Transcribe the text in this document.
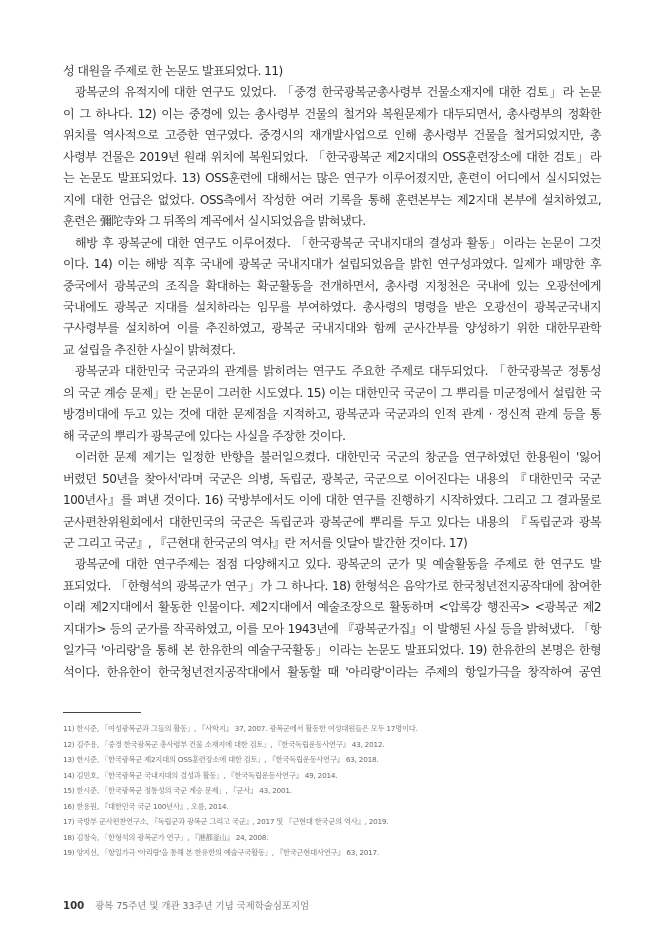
성 대원을 주제로 한 논문도 발표되었다. 11)

광복군의 유적지에 대한 연구도 있었다. 「중경 한국광복군총사령부 건물소재지에 대한 검토」라 논문
이 그 하나다. 12) 이는 중경에 있는 총사령부 건물의 철거와 복원문제가 대두되면서, 총사령부의 정확한
위치를 역사적으로 고증한 연구였다. 중경시의 재개발사업으로 인해 총사령부 건물을 철거되었지만, 총
사령부 건물은 2019년 원래 위치에 복원되었다. 「한국광복군 제2지대의 OSS훈련장소에 대한 검토」라
는 논문도 발표되었다. 13) OSS훈련에 대해서는 많은 연구가 이루어졌지만, 훈련이 어디에서 실시되었는
지에 대한 언급은 없었다. OSS측에서 작성한 여러 기록을 통해 훈련본부는 제2지대 본부에 설치하였고,
훈련은 彌陀寺와 그 뒤쪽의 계곡에서 실시되었음을 밝혀냈다.

해방 후 광복군에 대한 연구도 이루어졌다. 「한국광복군 국내지대의 결성과 활동」이라는 논문이 그것
이다. 14) 이는 해방 직후 국내에 광복군 국내지대가 설립되었음을 밝힌 연구성과였다. 일제가 패망한 후
중국에서 광복군의 조직을 확대하는 확군활동을 전개하면서, 총사령 지청천은 국내에 있는 오광선에게
국내에도 광복군 지대를 설치하라는 임무를 부여하였다. 총사령의 명령을 받은 오광선이 광복군국내지
구사령부를 설치하여 이를 추진하였고, 광복군 국내지대와 함께 군사간부를 양성하기 위한 대한무관학
교 설립을 추진한 사실이 밝혀졌다.

광복군과 대한민국 국군과의 관계를 밝히려는 연구도 주요한 주제로 대두되었다. 「한국광복군 정통성
의 국군 계승 문제」란 논문이 그러한 시도였다. 15) 이는 대한민국 국군이 그 뿌리를 미군정에서 설립한 국
방경비대에 두고 있는 것에 대한 문제점을 지적하고, 광복군과 국군과의 인적 관계 · 정신적 관계 등을 통
해 국군의 뿌리가 광복군에 있다는 사실을 주장한 것이다.

이러한 문제 제기는 일정한 반향을 불러일으켰다. 대한민국 국군의 창군을 연구하였던 한용원이 '잃어
버렸던 50년을 찾아서'라며 국군은 의병, 독립군, 광복군, 국군으로 이어진다는 내용의 『대한민국 국군
100년사』를 펴낸 것이다. 16) 국방부에서도 이에 대한 연구를 진행하기 시작하였다. 그리고 그 결과물로
군사편찬위원회에서 대한민국의 국군은 독립군과 광복군에 뿌리를 두고 있다는 내용의 『독립군과 광복
군 그리고 국군』, 『근현대 한국군의 역사』란 저서를 잇달아 발간한 것이다. 17)

광복군에 대한 연구주제는 점점 다양해지고 있다. 광복군의 군가 및 예술활동을 주제로 한 연구도 발
표되었다. 「한형석의 광복군가 연구」가 그 하나다. 18) 한형석은 음악가로 한국청년전지공작대에 참여한
이래 제2지대에서 활동한 인물이다. 제2지대에서 예술조장으로 활동하며 <압록강 행진곡> <광복군 제2
지대가> 등의 군가를 작곡하였고, 이를 모아 1943년에 『광복군가집』이 발행된 사실 등을 밝혀냈다. 「항
일가극 '아리랑'을 통해 본 한유한의 예술구국활동」이라는 논문도 발표되었다. 19) 한유한의 본명은 한형
석이다. 한유한이 한국청년전지공작대에서 활동할 때 '아리랑'이라는 주제의 항일가극을 창작하여 공연

11) 한시준, 「여성광복군과 그들의 활동」, 『사학지』 37, 2007. 광복군에서 활동한 여성대원들은 모두 17명이다.
12) 김주용, 「중경 한국광복군 총사령부 건물 소재지에 대한 검토」, 『한국독립운동사연구』 43, 2012.
13) 한시준, 「한국광복군 제2지대의 OSS훈련장소에 대한 검토」, 『한국독립운동사연구』 63, 2018.
14) 김민호, 「한국광복군 국내지대의 결성과 활동」, 『한국독립운동사연구』 49, 2014.
15) 한시준, 「한국광복군 정통성의 국군 계승 문제」, 『군사』 43, 2001.
16) 한용원, 『대한민국 국군 100년사』, 오름, 2014.
17) 국방부 군사편찬연구소, 『독립군과 광복군 그리고 국군』, 2017 및 『근현대 한국군의 역사』, 2019.
18) 김창숙, 「한형석의 광복군가 연구」, 『港都釜山』 24, 2008.
19) 양지선, 「항일가극 '아리랑'을 통해 본 한유한의 예술구국활동」, 『한국근현대사연구』 63, 2017.
100 광복 75주년 및 개관 33주년 기념 국제학술심포지엄
